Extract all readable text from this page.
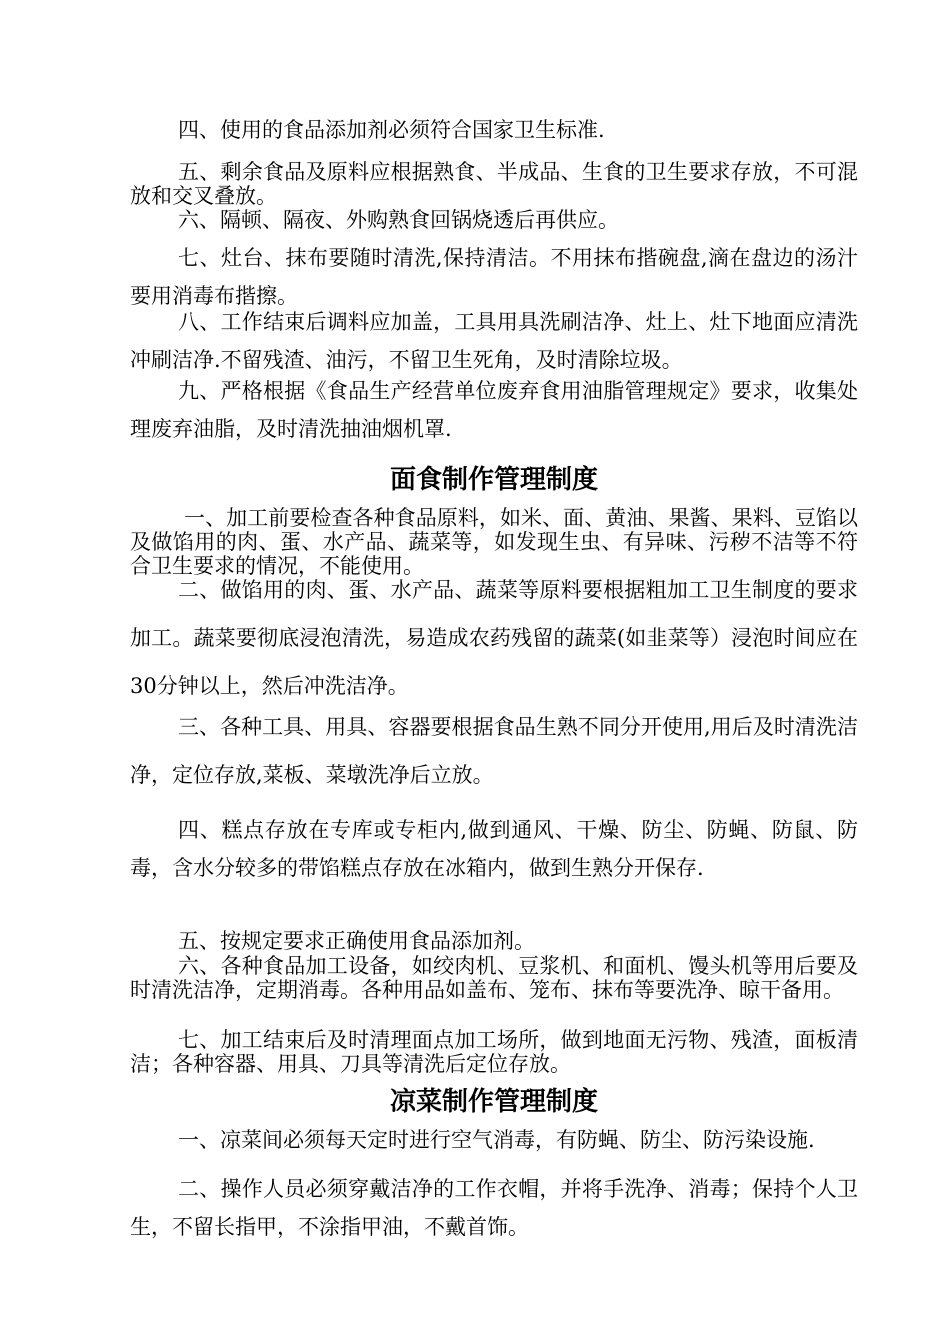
四、使用的食品添加剂必须符合国家卫生标准.

五、剩余食品及原料应根据熟食、半成品、生食的卫生要求存放，不可混放和交叉叠放。

六、隔顿、隔夜、外购熟食回锅烧透后再供应。

七、灶台、抹布要随时清洗,保持清洁。不用抹布揩碗盘,滴在盘边的汤汁要用消毒布揩擦。

八、工作结束后调料应加盖，工具用具洗刷洁净、灶上、灶下地面应清洗冲刷洁净.不留残渣、油污，不留卫生死角，及时清除垃圾。

九、严格根据《食品生产经营单位废弃食用油脂管理规定》要求，收集处理废弃油脂，及时清洗抽油烟机罩.

面食制作管理制度

一、加工前要检查各种食品原料，如米、面、黄油、果酱、果料、豆馅以及做馅用的肉、蛋、水产品、蔬菜等，如发现生虫、有异味、污秽不洁等不符合卫生要求的情况，不能使用。

二、做馅用的肉、蛋、水产品、蔬菜等原料要根据粗加工卫生制度的要求加工。蔬菜要彻底浸泡清洗，易造成农药残留的蔬菜(如韭菜等）浸泡时间应在30分钟以上，然后冲洗洁净。

三、各种工具、用具、容器要根据食品生熟不同分开使用,用后及时清洗洁净，定位存放,菜板、菜墩洗净后立放。

四、糕点存放在专库或专柜内,做到通风、干燥、防尘、防蝇、防鼠、防毒，含水分较多的带馅糕点存放在冰箱内，做到生熟分开保存.

五、按规定要求正确使用食品添加剂。

六、各种食品加工设备，如绞肉机、豆浆机、和面机、馒头机等用后要及时清洗洁净，定期消毒。各种用品如盖布、笼布、抹布等要洗净、晾干备用。

七、加工结束后及时清理面点加工场所，做到地面无污物、残渣，面板清洁；各种容器、用具、刀具等清洗后定位存放。

凉菜制作管理制度

一、凉菜间必须每天定时进行空气消毒，有防蝇、防尘、防污染设施.

二、操作人员必须穿戴洁净的工作衣帽，并将手洗净、消毒；保持个人卫生，不留长指甲，不涂指甲油，不戴首饰。
